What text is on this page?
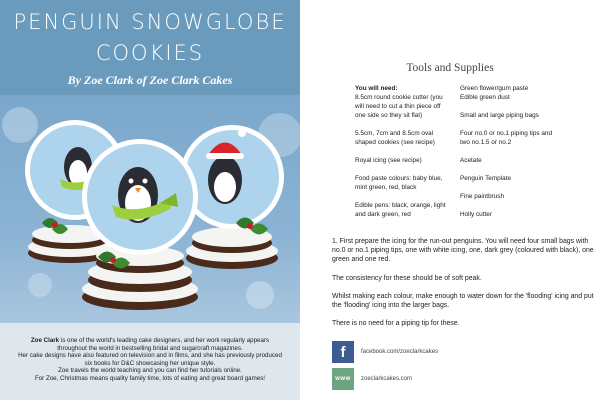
PENGUIN SNOWGLOBE
COOKIES
By Zoe Clark of Zoe Clark Cakes

Zoe Clark is one of the world's leading cake designers, and her work regularly appears

throughout the world in bestselling bridal and sugarcraft magazines.

Her cake designs have also featured on television and in films, and she has previously produced

six books for D&C showcasing her unique style.

Zoe travels the world teaching and you can find her tutorials online.

For Zoe, Christmas means quality family time, lots of eating and great board games!

Tools and Supplies
You will need:
8.5cm round cookie cutter (you
will need to cut a thin piece off
one side so they sit flat)
5.5cm, 7cm and 8.5cm oval
shaped cookies (see recipe)
Royal icing (see recipe)
Food paste colours: baby blue,
mint green, red, black
Edible pens: black, orange, light
and dark green, red
Green flower/gum paste
Edible green dust
Small and large piping bags
Four no.0 or no.1 piping tips and
two no.1.5 or no.2
Acetate
Penguin Template
Fine paintbrush
Holly cutter

1. First prepare the icing for the run-out penguins. You will need four small bags with no.0 or no.1 piping tips, one with white icing, one, dark grey (coloured with black), one green and one red.

The consistency for these should be of soft peak.

Whilst making each colour, make enough to water down for the 'flooding' icing and put the 'flooding' icing into the larger bags.

There is no need for a piping tip for these.

f	facebook.com/zoeclarkcakes
www	zoeclarkcakes.com
